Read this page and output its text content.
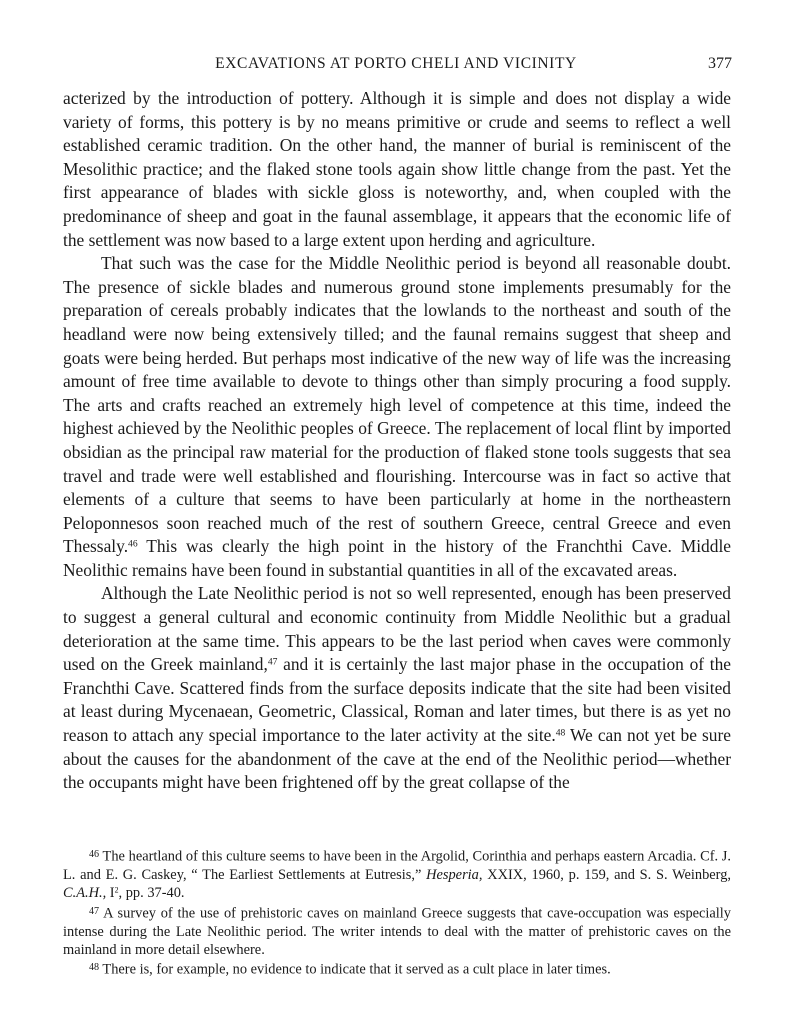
EXCAVATIONS AT PORTO CHELI AND VICINITY	377

acterized by the introduction of pottery. Although it is simple and does not display a wide variety of forms, this pottery is by no means primitive or crude and seems to reflect a well established ceramic tradition. On the other hand, the manner of burial is reminiscent of the Mesolithic practice; and the flaked stone tools again show little change from the past. Yet the first appearance of blades with sickle gloss is noteworthy, and, when coupled with the predominance of sheep and goat in the faunal assemblage, it appears that the economic life of the settlement was now based to a large extent upon herding and agriculture.

That such was the case for the Middle Neolithic period is beyond all reasonable doubt. The presence of sickle blades and numerous ground stone implements presumably for the preparation of cereals probably indicates that the lowlands to the northeast and south of the headland were now being extensively tilled; and the faunal remains suggest that sheep and goats were being herded. But perhaps most indicative of the new way of life was the increasing amount of free time available to devote to things other than simply procuring a food supply. The arts and crafts reached an extremely high level of competence at this time, indeed the highest achieved by the Neolithic peoples of Greece. The replacement of local flint by imported obsidian as the principal raw material for the production of flaked stone tools suggests that sea travel and trade were well established and flourishing. Intercourse was in fact so active that elements of a culture that seems to have been particularly at home in the northeastern Peloponnesos soon reached much of the rest of southern Greece, central Greece and even Thessaly.$^{46}$ This was clearly the high point in the history of the Franchthi Cave. Middle Neolithic remains have been found in substantial quantities in all of the excavated areas.

Although the Late Neolithic period is not so well represented, enough has been preserved to suggest a general cultural and economic continuity from Middle Neolithic but a gradual deterioration at the same time. This appears to be the last period when caves were commonly used on the Greek mainland,$^{47}$ and it is certainly the last major phase in the occupation of the Franchthi Cave. Scattered finds from the surface deposits indicate that the site had been visited at least during Mycenaean, Geometric, Classical, Roman and later times, but there is as yet no reason to attach any special importance to the later activity at the site.$^{48}$ We can not yet be sure about the causes for the abandonment of the cave at the end of the Neolithic period—whether the occupants might have been frightened off by the great collapse of the

$^{46}$ The heartland of this culture seems to have been in the Argolid, Corinthia and perhaps eastern Arcadia. Cf. J. L. and E. G. Caskey, “ The Earliest Settlements at Eutresis,” Hesperia, XXIX, 1960, p. 159, and S. S. Weinberg, C.A.H., $I^2$, pp. 37-40.

$^{47}$ A survey of the use of prehistoric caves on mainland Greece suggests that cave-occupation was especially intense during the Late Neolithic period. The writer intends to deal with the matter of prehistoric caves on the mainland in more detail elsewhere.

$^{48}$ There is, for example, no evidence to indicate that it served as a cult place in later times.
